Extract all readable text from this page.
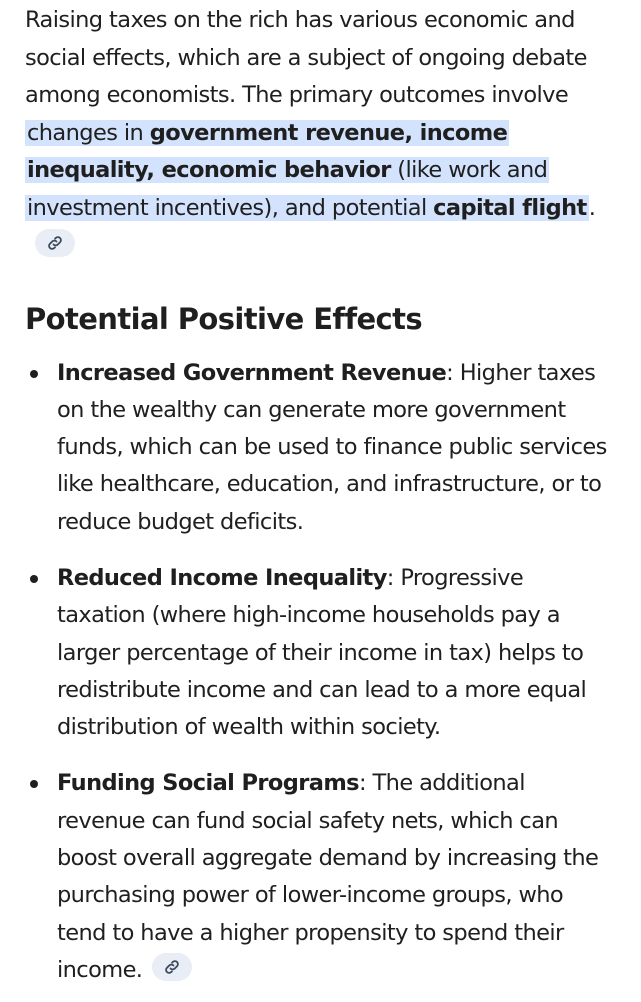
Raising taxes on the rich has various economic and social effects, which are a subject of ongoing debate among economists. The primary outcomes involve changes in government revenue, income inequality, economic behavior (like work and investment incentives), and potential capital flight.

Potential Positive Effects
Increased Government Revenue: Higher taxes on the wealthy can generate more government funds, which can be used to finance public services like healthcare, education, and infrastructure, or to reduce budget deficits.
Reduced Income Inequality: Progressive taxation (where high-income households pay a larger percentage of their income in tax) helps to redistribute income and can lead to a more equal distribution of wealth within society.
Funding Social Programs: The additional revenue can fund social safety nets, which can boost overall aggregate demand by increasing the purchasing power of lower-income groups, who tend to have a higher propensity to spend their income.
